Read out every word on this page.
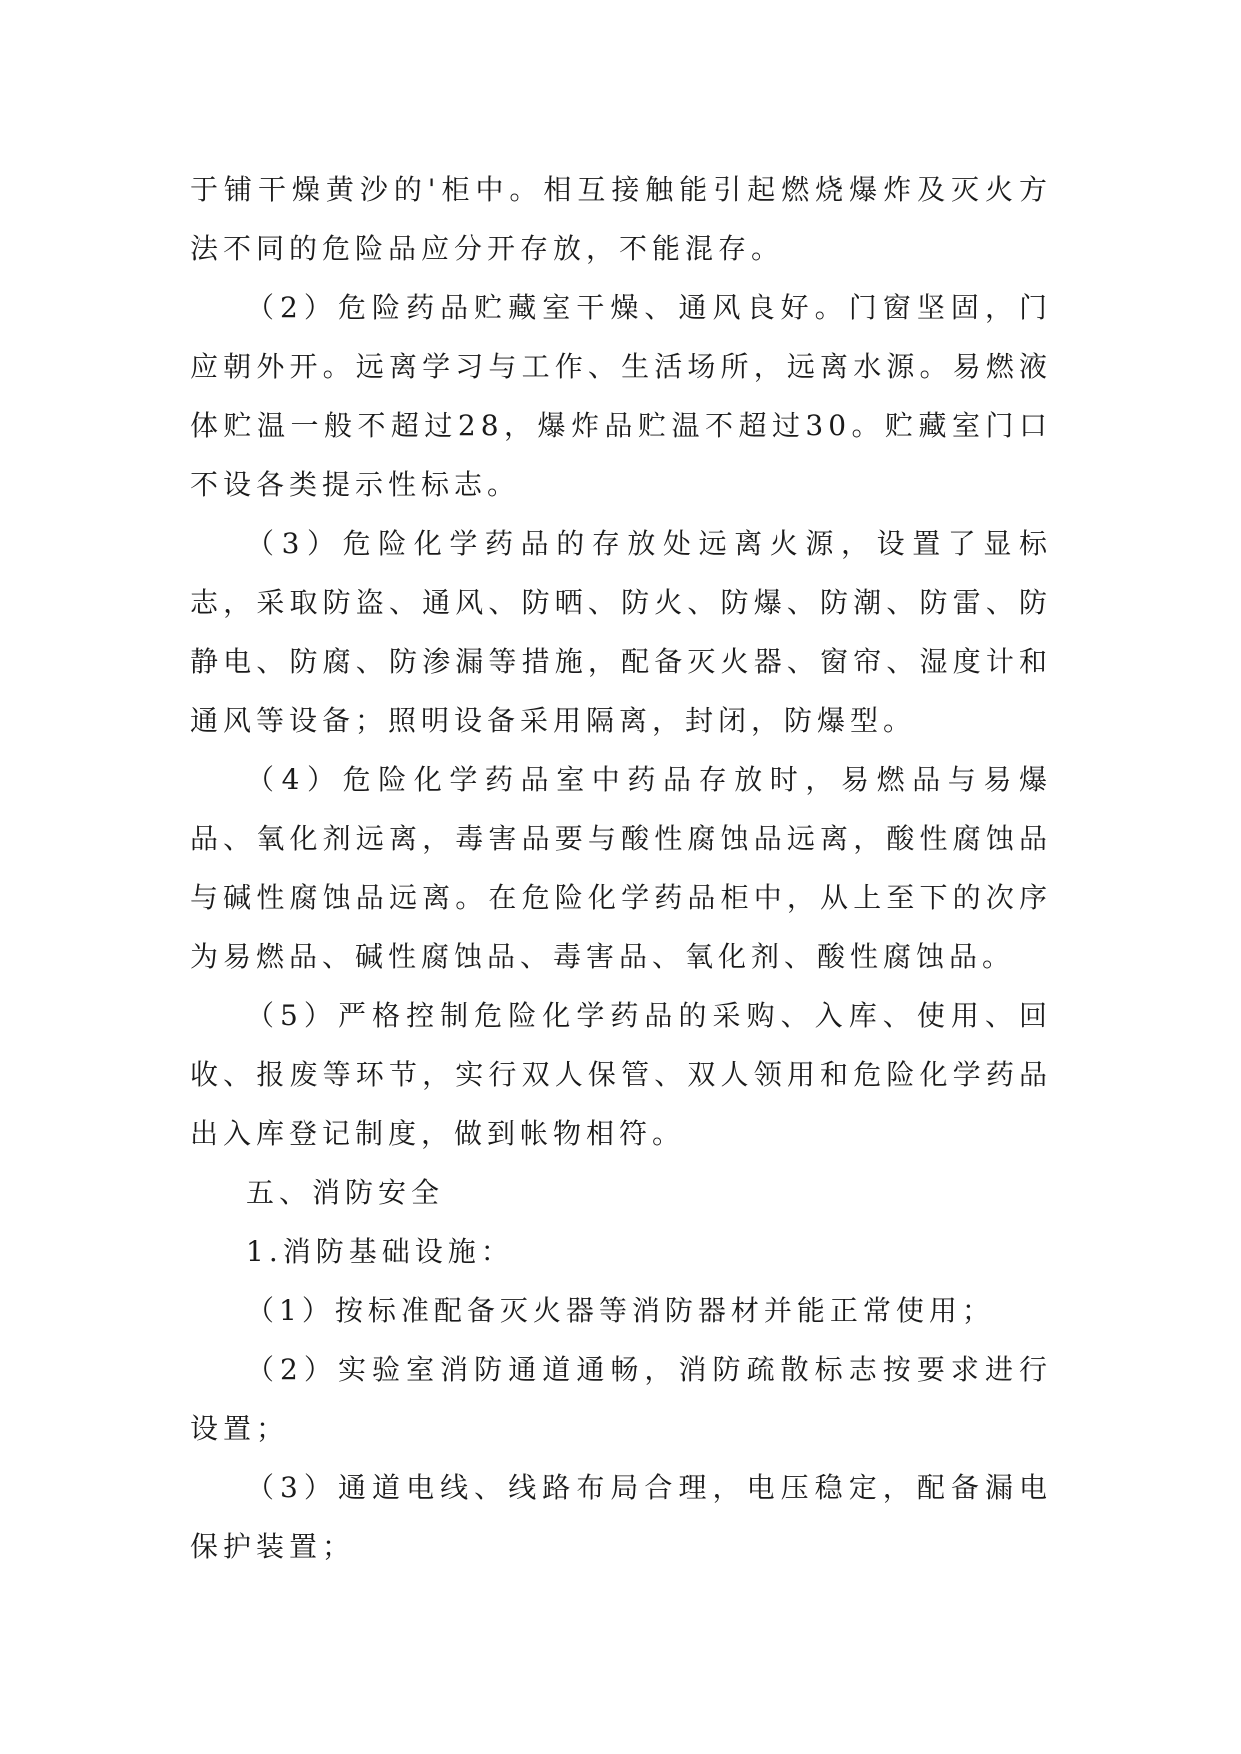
于铺干燥黄沙的'柜中。相互接触能引起燃烧爆炸及灭火方法不同的危险品应分开存放，不能混存。

（2）危险药品贮藏室干燥、通风良好。门窗坚固，门应朝外开。远离学习与工作、生活场所，远离水源。易燃液体贮温一般不超过28，爆炸品贮温不超过30。贮藏室门口不设各类提示性标志。

（3）危险化学药品的存放处远离火源，设置了显标志，采取防盗、通风、防晒、防火、防爆、防潮、防雷、防静电、防腐、防渗漏等措施，配备灭火器、窗帘、湿度计和通风等设备；照明设备采用隔离，封闭，防爆型。

（4）危险化学药品室中药品存放时，易燃品与易爆品、氧化剂远离，毒害品要与酸性腐蚀品远离，酸性腐蚀品与碱性腐蚀品远离。在危险化学药品柜中，从上至下的次序为易燃品、碱性腐蚀品、毒害品、氧化剂、酸性腐蚀品。

（5）严格控制危险化学药品的采购、入库、使用、回收、报废等环节，实行双人保管、双人领用和危险化学药品出入库登记制度，做到帐物相符。

五、消防安全

1.消防基础设施：

（1）按标准配备灭火器等消防器材并能正常使用；

（2）实验室消防通道通畅，消防疏散标志按要求进行设置；

（3）通道电线、线路布局合理，电压稳定，配备漏电保护装置；
